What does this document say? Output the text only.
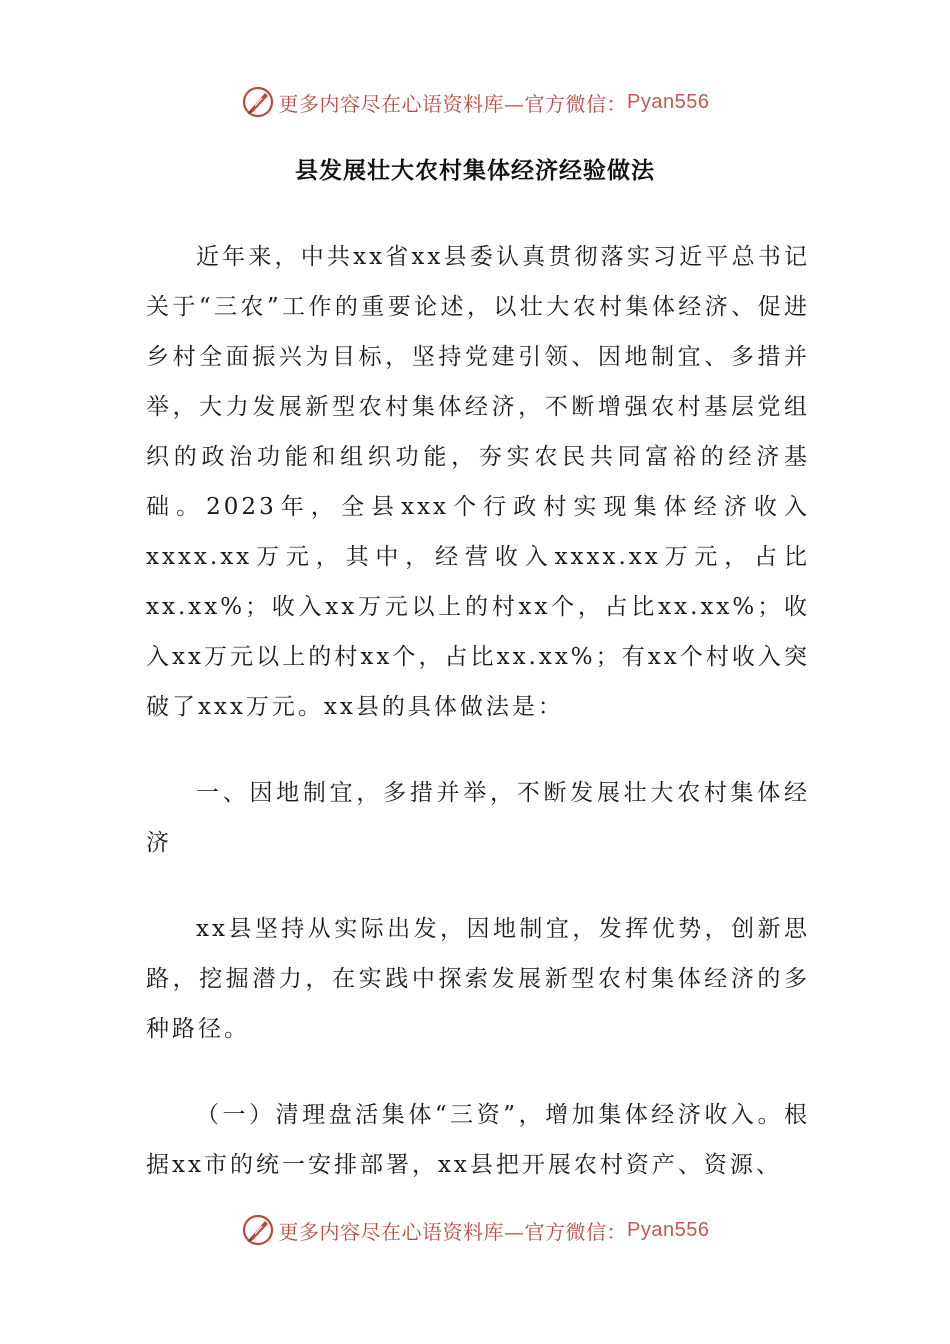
更多内容尽在心语资料库—官方微信： Pyan556
县发展壮大农村集体经济经验做法

近年来，中共xx省xx县委认真贯彻落实习近平总书记关于“三农”工作的重要论述，以壮大农村集体经济、促进乡村全面振兴为目标，坚持党建引领、因地制宜、多措并举，大力发展新型农村集体经济，不断增强农村基层党组织的政治功能和组织功能，夯实农民共同富裕的经济基础。2023年，全县xxx个行政村实现集体经济收入xxxx.xx万元，其中，经营收入xxxx.xx万元，占比xx.xx%；收入xx万元以上的村xx个，占比xx.xx%；收入xx万元以上的村xx个，占比xx.xx%；有xx个村收入突破了xxx万元。xx县的具体做法是：

一、因地制宜，多措并举，不断发展壮大农村集体经济

xx县坚持从实际出发，因地制宜，发挥优势，创新思路，挖掘潜力，在实践中探索发展新型农村集体经济的多种路径。

（一）清理盘活集体“三资”，增加集体经济收入。根据xx市的统一安排部署，xx县把开展农村资产、资源、

更多内容尽在心语资料库—官方微信： Pyan556
